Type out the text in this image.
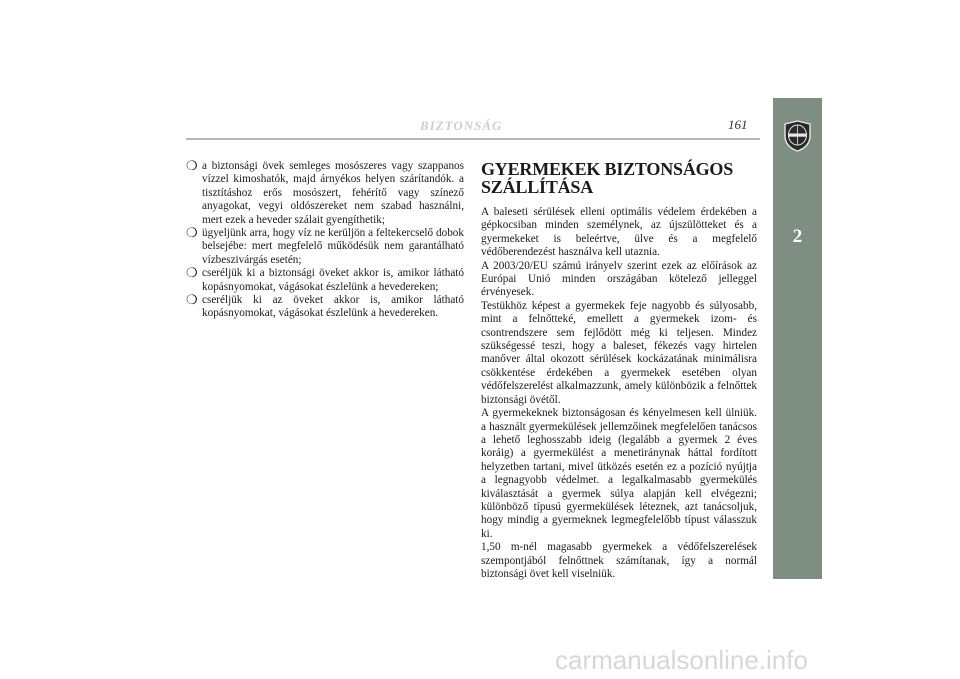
BIZTONSÁG	161
❍ a biztonsági övek semleges mosószeres vagy szappanos vízzel kimoshatók, majd árnyékos helyen szárítandók. a tisztításhoz erős mosószert, fehérítő vagy színező anyagokat, vegyi oldószereket nem szabad használni, mert ezek a heveder szálait gyengíthetik;
❍ ügyeljünk arra, hogy víz ne kerüljön a feltekercselő dobok belsejébe: mert megfelelő működésük nem garantálható vízbeszivárgás esetén;
❍ cseréljük ki a biztonsági öveket akkor is, amikor látható kopásnyomokat, vágásokat észlelünk a hevedereken;
❍ cseréljük ki az öveket akkor is, amikor látható kopásnyomokat, vágásokat észlelünk a hevedereken.
GYERMEKEK BIZTONSÁGOS SZÁLLÍTÁSA

A baleseti sérülések elleni optimális védelem érdekében a gépkocsiban minden személynek, az újszülötteket és a gyermekeket is beleértve, ülve és a megfelelő védőberendezést használva kell utaznia.

A 2003/20/EU számú irányelv szerint ezek az előírások az Európai Unió minden országában kötelező jelleggel érvényesek.

Testükhöz képest a gyermekek feje nagyobb és súlyosabb, mint a felnőtteké, emellett a gyermekek izom- és csontrendszere sem fejlődött még ki teljesen. Mindez szükségessé teszi, hogy a baleset, fékezés vagy hirtelen manőver által okozott sérülések kockázatának minimálisra csökkentése érdekében a gyermekek esetében olyan védőfelszerelést alkalmazzunk, amely különbözik a felnőttek biztonsági övétől.

A gyermekeknek biztonságosan és kényelmesen kell ülniük. a használt gyermekülések jellemzőinek megfelelően tanácsos a lehető leghosszabb ideig (legalább a gyermek 2 éves koráig) a gyermekülést a menetiránynak háttal fordított helyzetben tartani, mivel ütközés esetén ez a pozíció nyújtja a legnagyobb védelmet. a legalkalmasabb gyermekülés kiválasztását a gyermek súlya alapján kell elvégezni; különböző típusú gyermekülések léteznek, azt tanácsoljuk, hogy mindig a gyermeknek legmegfelelőbb típust válasszuk ki.

1,50 m-nél magasabb gyermekek a védőfelszerelések szempontjából felnőttnek számítanak, így a normál biztonsági övet kell viselniük.

2
carmanualsonline.info
